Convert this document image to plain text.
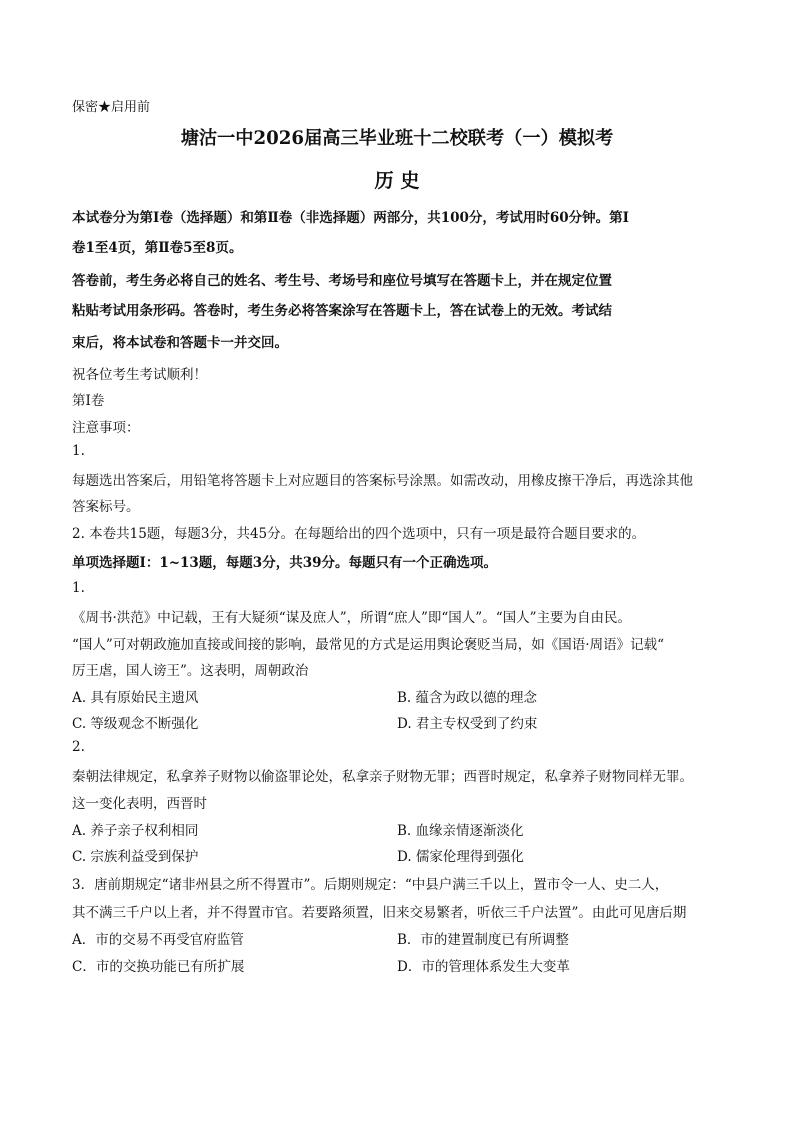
保密★启用前
塘沽一中2026届高三毕业班十二校联考（一）模拟考
历 史
本试卷分为第Ⅰ卷（选择题）和第Ⅱ卷（非选择题）两部分，共100分，考试用时60分钟。第Ⅰ
卷1至4页，第Ⅱ卷5至8页。
答卷前，考生务必将自己的姓名、考生号、考场号和座位号填写在答题卡上，并在规定位置
粘贴考试用条形码。答卷时，考生务必将答案涂写在答题卡上，答在试卷上的无效。考试结
束后，将本试卷和答题卡一并交回。
祝各位考生考试顺利！
第Ⅰ卷
注意事项：
1.
每题选出答案后，用铅笔将答题卡上对应题目的答案标号涂黑。如需改动，用橡皮擦干净后，再选涂其他
答案标号。
2. 本卷共15题，每题3分，共45分。在每题给出的四个选项中，只有一项是最符合题目要求的。
单项选择题Ⅰ：1~13题，每题3分，共39分。每题只有一个正确选项。
1.
《周书·洪范》中记载，王有大疑须“谋及庶人”，所谓“庶人”即“国人”。“国人”主要为自由民。
“国人”可对朝政施加直接或间接的影响，最常见的方式是运用舆论褒贬当局，如《国语·周语》记载“
厉王虐，国人谤王”。这表明，周朝政治
A. 具有原始民主遗风	B. 蕴含为政以德的理念
C. 等级观念不断强化	D. 君主专权受到了约束
2.
秦朝法律规定，私拿养子财物以偷盗罪论处，私拿亲子财物无罪；西晋时规定，私拿养子财物同样无罪。
这一变化表明，西晋时
A. 养子亲子权利相同	B. 血缘亲情逐渐淡化
C. 宗族利益受到保护	D. 儒家伦理得到强化
3．唐前期规定“诸非州县之所不得置市”。后期则规定：“中县户满三千以上，置市令一人、史二人，
其不满三千户以上者，并不得置市官。若要路须置，旧来交易繁者，听依三千户法置”。由此可见唐后期
A．市的交易不再受官府监管	B．市的建置制度已有所调整
C．市的交换功能已有所扩展	D．市的管理体系发生大变革
